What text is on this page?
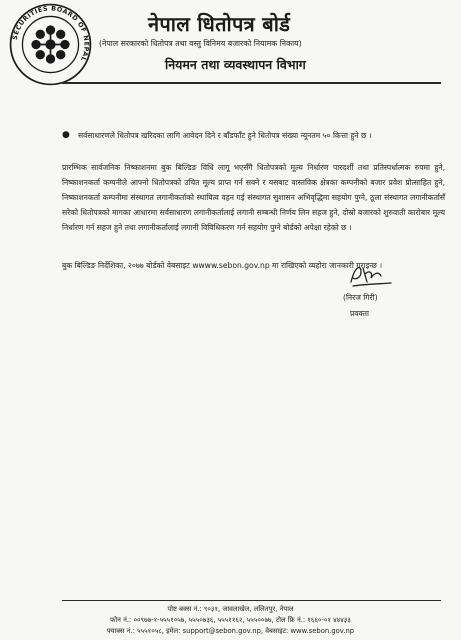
SECURITIES BOARD OF NEPAL
नेपाल धितोपत्र बोर्ड
(नेपाल सरकारको धितोपत्र तथा वस्तु विनिमय बजारको नियामक निकाय)
नियमन तथा व्यवस्थापन विभाग
●	सर्वसाधारणले धितोपत्र खरिदका लागि आवेदन दिने र बाँडफाँट हुने धितोपत्र संख्या न्यूनतम ५० कित्ता हुने छ ।
प्रारम्भिक सार्वजनिक निष्काशनमा बुक बिल्डिङ विधि लागू भएसँगै धितोपत्रको मूल्य निर्धारण पारदर्शी तथा प्रतिस्पर्धात्मक रुपमा हुने, निष्काशनकर्ता कम्पनीले आफ्नो धितोपत्रको उचित मूल्य प्राप्त गर्न सक्ने र यसबाट वास्तविक क्षेत्रका कम्पनीको बजार प्रवेश प्रोत्साहित हुने, निष्काशनकर्ता कम्पनीमा संस्थागत लगानीकर्ताको स्थायित्व वहन गई संस्थागत सुशासन अभिवृद्धिमा सहयोग पुग्ने, ठूला संस्थागत लगानीकर्तासँ सरेको धितोपत्रको मागका आधारमा सर्वसाधारण लगानीकर्तालाई लगानी सम्बन्धी निर्णय लिन सहज हुने, दोस्रो बजारको शुरुवाती कारोबार मूल्य निर्धारण गर्न सहज हुने तथा लगानीकर्तालाई लगानी विविधिकरण गर्न सहयोग पुग्ने बोर्डको अपेक्षा रहेको छ ।
बुक बिल्डिङ निर्देशिका, २०७७ बोर्डको वेबसाइट wwww.sebon.gov.np मा राखिएको व्यहोरा जानकारी गराइन्छ ।
(निरज गिरी)
प्रवक्ता
पोष्ट बक्स नं.: ९०३१, जावलाखेल, ललितपुर, नेपाल
फोन नं.: ००९७७-१-५५५१०५७, ५५५०७३६, ५५५११६२, ५५५००७७, टोल फ्रि नं.: १६६०-०१ ४४४३३
फ्याक्स नं.: ५५५१०५८, इमेल: support@sebon.gov.np, वेबसाइट: www.sebon.gov.np
